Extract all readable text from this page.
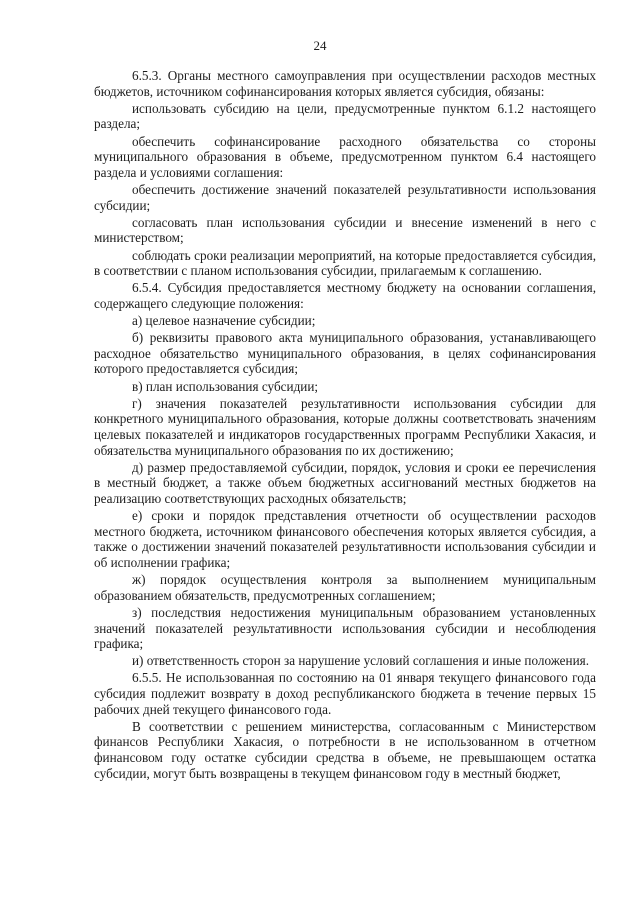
24

6.5.3. Органы местного самоуправления при осуществлении расходов местных бюджетов, источником софинансирования которых является субсидия, обязаны:

использовать субсидию на цели, предусмотренные пунктом 6.1.2 настоящего раздела;

обеспечить софинансирование расходного обязательства со стороны муниципального образования в объеме, предусмотренном пунктом 6.4 настоящего раздела и условиями соглашения:

обеспечить достижение значений показателей результативности использования субсидии;

согласовать план использования субсидии и внесение изменений в него с министерством;

соблюдать сроки реализации мероприятий, на которые предоставляется субсидия, в соответствии с планом использования субсидии, прилагаемым к соглашению.

6.5.4. Субсидия предоставляется местному бюджету на основании соглашения, содержащего следующие положения:

а) целевое назначение субсидии;

б) реквизиты правового акта муниципального образования, устанавливающего расходное обязательство муниципального образования, в целях софинансирования которого предоставляется субсидия;

в) план использования субсидии;

г) значения показателей результативности использования субсидии для конкретного муниципального образования, которые должны соответствовать значениям целевых показателей и индикаторов государственных программ Республики Хакасия, и обязательства муниципального образования по их достижению;

д) размер предоставляемой субсидии, порядок, условия и сроки ее перечисления в местный бюджет, а также объем бюджетных ассигнований местных бюджетов на реализацию соответствующих расходных обязательств;

е) сроки и порядок представления отчетности об осуществлении расходов местного бюджета, источником финансового обеспечения которых является субсидия, а также о достижении значений показателей результативности использования субсидии и об исполнении графика;

ж) порядок осуществления контроля за выполнением муниципальным образованием обязательств, предусмотренных соглашением;

з) последствия недостижения муниципальным образованием установленных значений показателей результативности использования субсидии и несоблюдения графика;

и) ответственность сторон за нарушение условий соглашения и иные положения.

6.5.5. Не использованная по состоянию на 01 января текущего финансового года субсидия подлежит возврату в доход республиканского бюджета в течение первых 15 рабочих дней текущего финансового года.

В соответствии с решением министерства, согласованным с Министерством финансов Республики Хакасия, о потребности в не использованном в отчетном финансовом году остатке субсидии средства в объеме, не превышающем остатка субсидии, могут быть возвращены в текущем финансовом году в местный бюджет,
